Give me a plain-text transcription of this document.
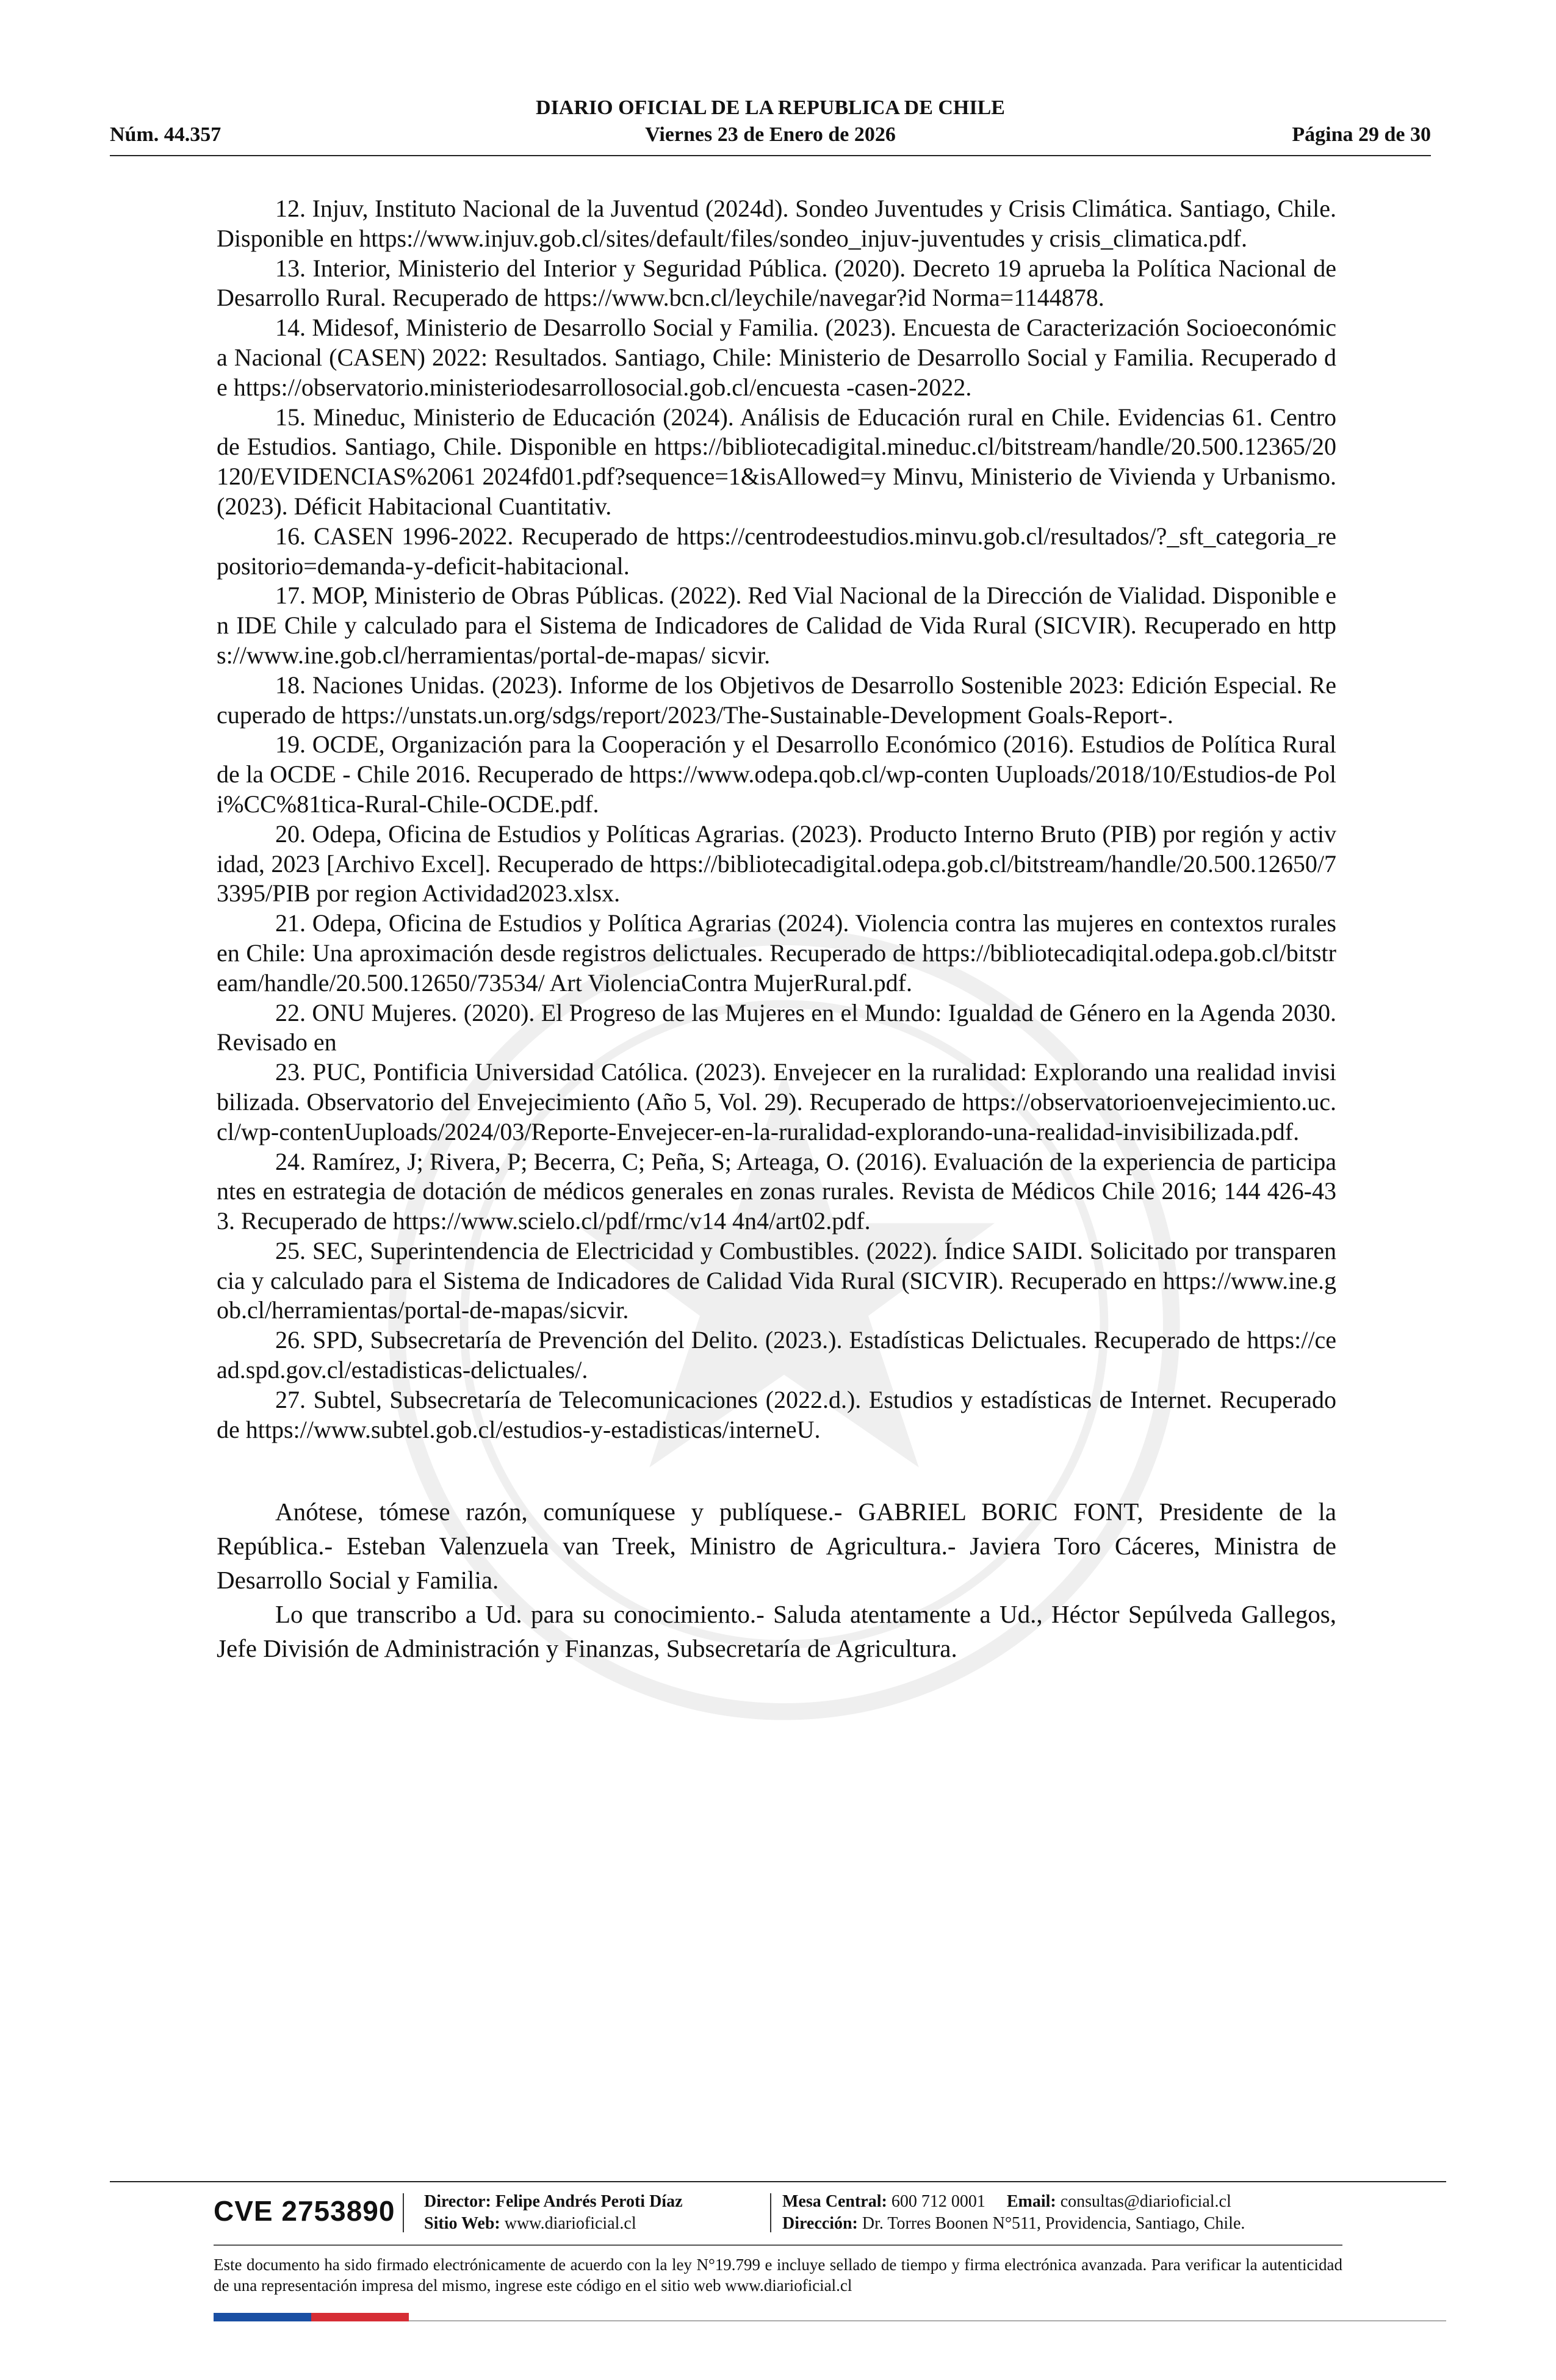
DIARIO OFICIAL DE LA REPUBLICA DE CHILE
Núm. 44.357	Viernes 23 de Enero de 2026	Página 29 de 30

12. Injuv, Instituto Nacional de la Juventud (2024d). Sondeo Juventudes y Crisis Climática. Santiago, Chile. Disponible en https://www.injuv.gob.cl/sites/default/files/sondeo_injuv-juventudes y crisis_climatica.pdf.

13. Interior, Ministerio del Interior y Seguridad Pública. (2020). Decreto 19 aprueba la Política Nacional de Desarrollo Rural. Recuperado de https://www.bcn.cl/leychile/navegar?id Norma=1144878.

14. Midesof, Ministerio de Desarrollo Social y Familia. (2023). Encuesta de Caracterización Socioeconómica Nacional (CASEN) 2022: Resultados. Santiago, Chile: Ministerio de Desarrollo Social y Familia. Recuperado de https://observatorio.ministeriodesarrollosocial.gob.cl/encuesta -casen-2022.

15. Mineduc, Ministerio de Educación (2024). Análisis de Educación rural en Chile. Evidencias 61. Centro de Estudios. Santiago, Chile. Disponible en https://bibliotecadigital.mineduc.cl/bitstream/handle/20.500.12365/20120/EVIDENCIAS%2061 2024fd01.pdf?sequence=1&isAllowed=y Minvu, Ministerio de Vivienda y Urbanismo. (2023). Déficit Habitacional Cuantitativ.

16. CASEN 1996-2022. Recuperado de https://centrodeestudios.minvu.gob.cl/resultados/?_sft_categoria_repositorio=demanda-y-deficit-habitacional.

17. MOP, Ministerio de Obras Públicas. (2022). Red Vial Nacional de la Dirección de Vialidad. Disponible en IDE Chile y calculado para el Sistema de Indicadores de Calidad de Vida Rural (SICVIR). Recuperado en https://www.ine.gob.cl/herramientas/portal-de-mapas/ sicvir.

18. Naciones Unidas. (2023). Informe de los Objetivos de Desarrollo Sostenible 2023: Edición Especial. Recuperado de https://unstats.un.org/sdgs/report/2023/The-Sustainable-Development Goals-Report-.

19. OCDE, Organización para la Cooperación y el Desarrollo Económico (2016). Estudios de Política Rural de la OCDE - Chile 2016. Recuperado de https://www.odepa.qob.cl/wp-conten Uuploads/2018/10/Estudios-de Poli%CC%81tica-Rural-Chile-OCDE.pdf.

20. Odepa, Oficina de Estudios y Políticas Agrarias. (2023). Producto Interno Bruto (PIB) por región y actividad, 2023 [Archivo Excel]. Recuperado de https://bibliotecadigital.odepa.gob.cl/bitstream/handle/20.500.12650/73395/PIB por region Actividad2023.xlsx.

21. Odepa, Oficina de Estudios y Política Agrarias (2024). Violencia contra las mujeres en contextos rurales en Chile: Una aproximación desde registros delictuales. Recuperado de https://bibliotecadiqital.odepa.gob.cl/bitstream/handle/20.500.12650/73534/ Art ViolenciaContra MujerRural.pdf.

22. ONU Mujeres. (2020). El Progreso de las Mujeres en el Mundo: Igualdad de Género en la Agenda 2030. Revisado en

23. PUC, Pontificia Universidad Católica. (2023). Envejecer en la ruralidad: Explorando una realidad invisibilizada. Observatorio del Envejecimiento (Año 5, Vol. 29). Recuperado de https://observatorioenvejecimiento.uc.cl/wp-contenUuploads/2024/03/Reporte-Envejecer-en-la-ruralidad-explorando-una-realidad-invisibilizada.pdf.

24. Ramírez, J; Rivera, P; Becerra, C; Peña, S; Arteaga, O. (2016). Evaluación de la experiencia de participantes en estrategia de dotación de médicos generales en zonas rurales. Revista de Médicos Chile 2016; 144 426-433. Recuperado de https://www.scielo.cl/pdf/rmc/v14 4n4/art02.pdf.

25. SEC, Superintendencia de Electricidad y Combustibles. (2022). Índice SAIDI. Solicitado por transparencia y calculado para el Sistema de Indicadores de Calidad Vida Rural (SICVIR). Recuperado en https://www.ine.gob.cl/herramientas/portal-de-mapas/sicvir.

26. SPD, Subsecretaría de Prevención del Delito. (2023.). Estadísticas Delictuales. Recuperado de https://cead.spd.gov.cl/estadisticas-delictuales/.

27. Subtel, Subsecretaría de Telecomunicaciones (2022.d.). Estudios y estadísticas de Internet. Recuperado de https://www.subtel.gob.cl/estudios-y-estadisticas/interneU.

Anótese, tómese razón, comuníquese y publíquese.- GABRIEL BORIC FONT, Presidente de la República.- Esteban Valenzuela van Treek, Ministro de Agricultura.- Javiera Toro Cáceres, Ministra de Desarrollo Social y Familia.

Lo que transcribo a Ud. para su conocimiento.- Saluda atentamente a Ud., Héctor Sepúlveda Gallegos, Jefe División de Administración y Finanzas, Subsecretaría de Agricultura.

CVE 2753890 Director: Felipe Andrés Peroti Díaz
Sitio Web: www.diarioficial.cl
Mesa Central: 600 712 0001 Email: consultas@diarioficial.cl
Dirección: Dr. Torres Boonen N°511, Providencia, Santiago, Chile.
Este documento ha sido firmado electrónicamente de acuerdo con la ley N°19.799 e incluye sellado de tiempo y firma electrónica avanzada. Para verificar la autenticidad de una representación impresa del mismo, ingrese este código en el sitio web www.diarioficial.cl
